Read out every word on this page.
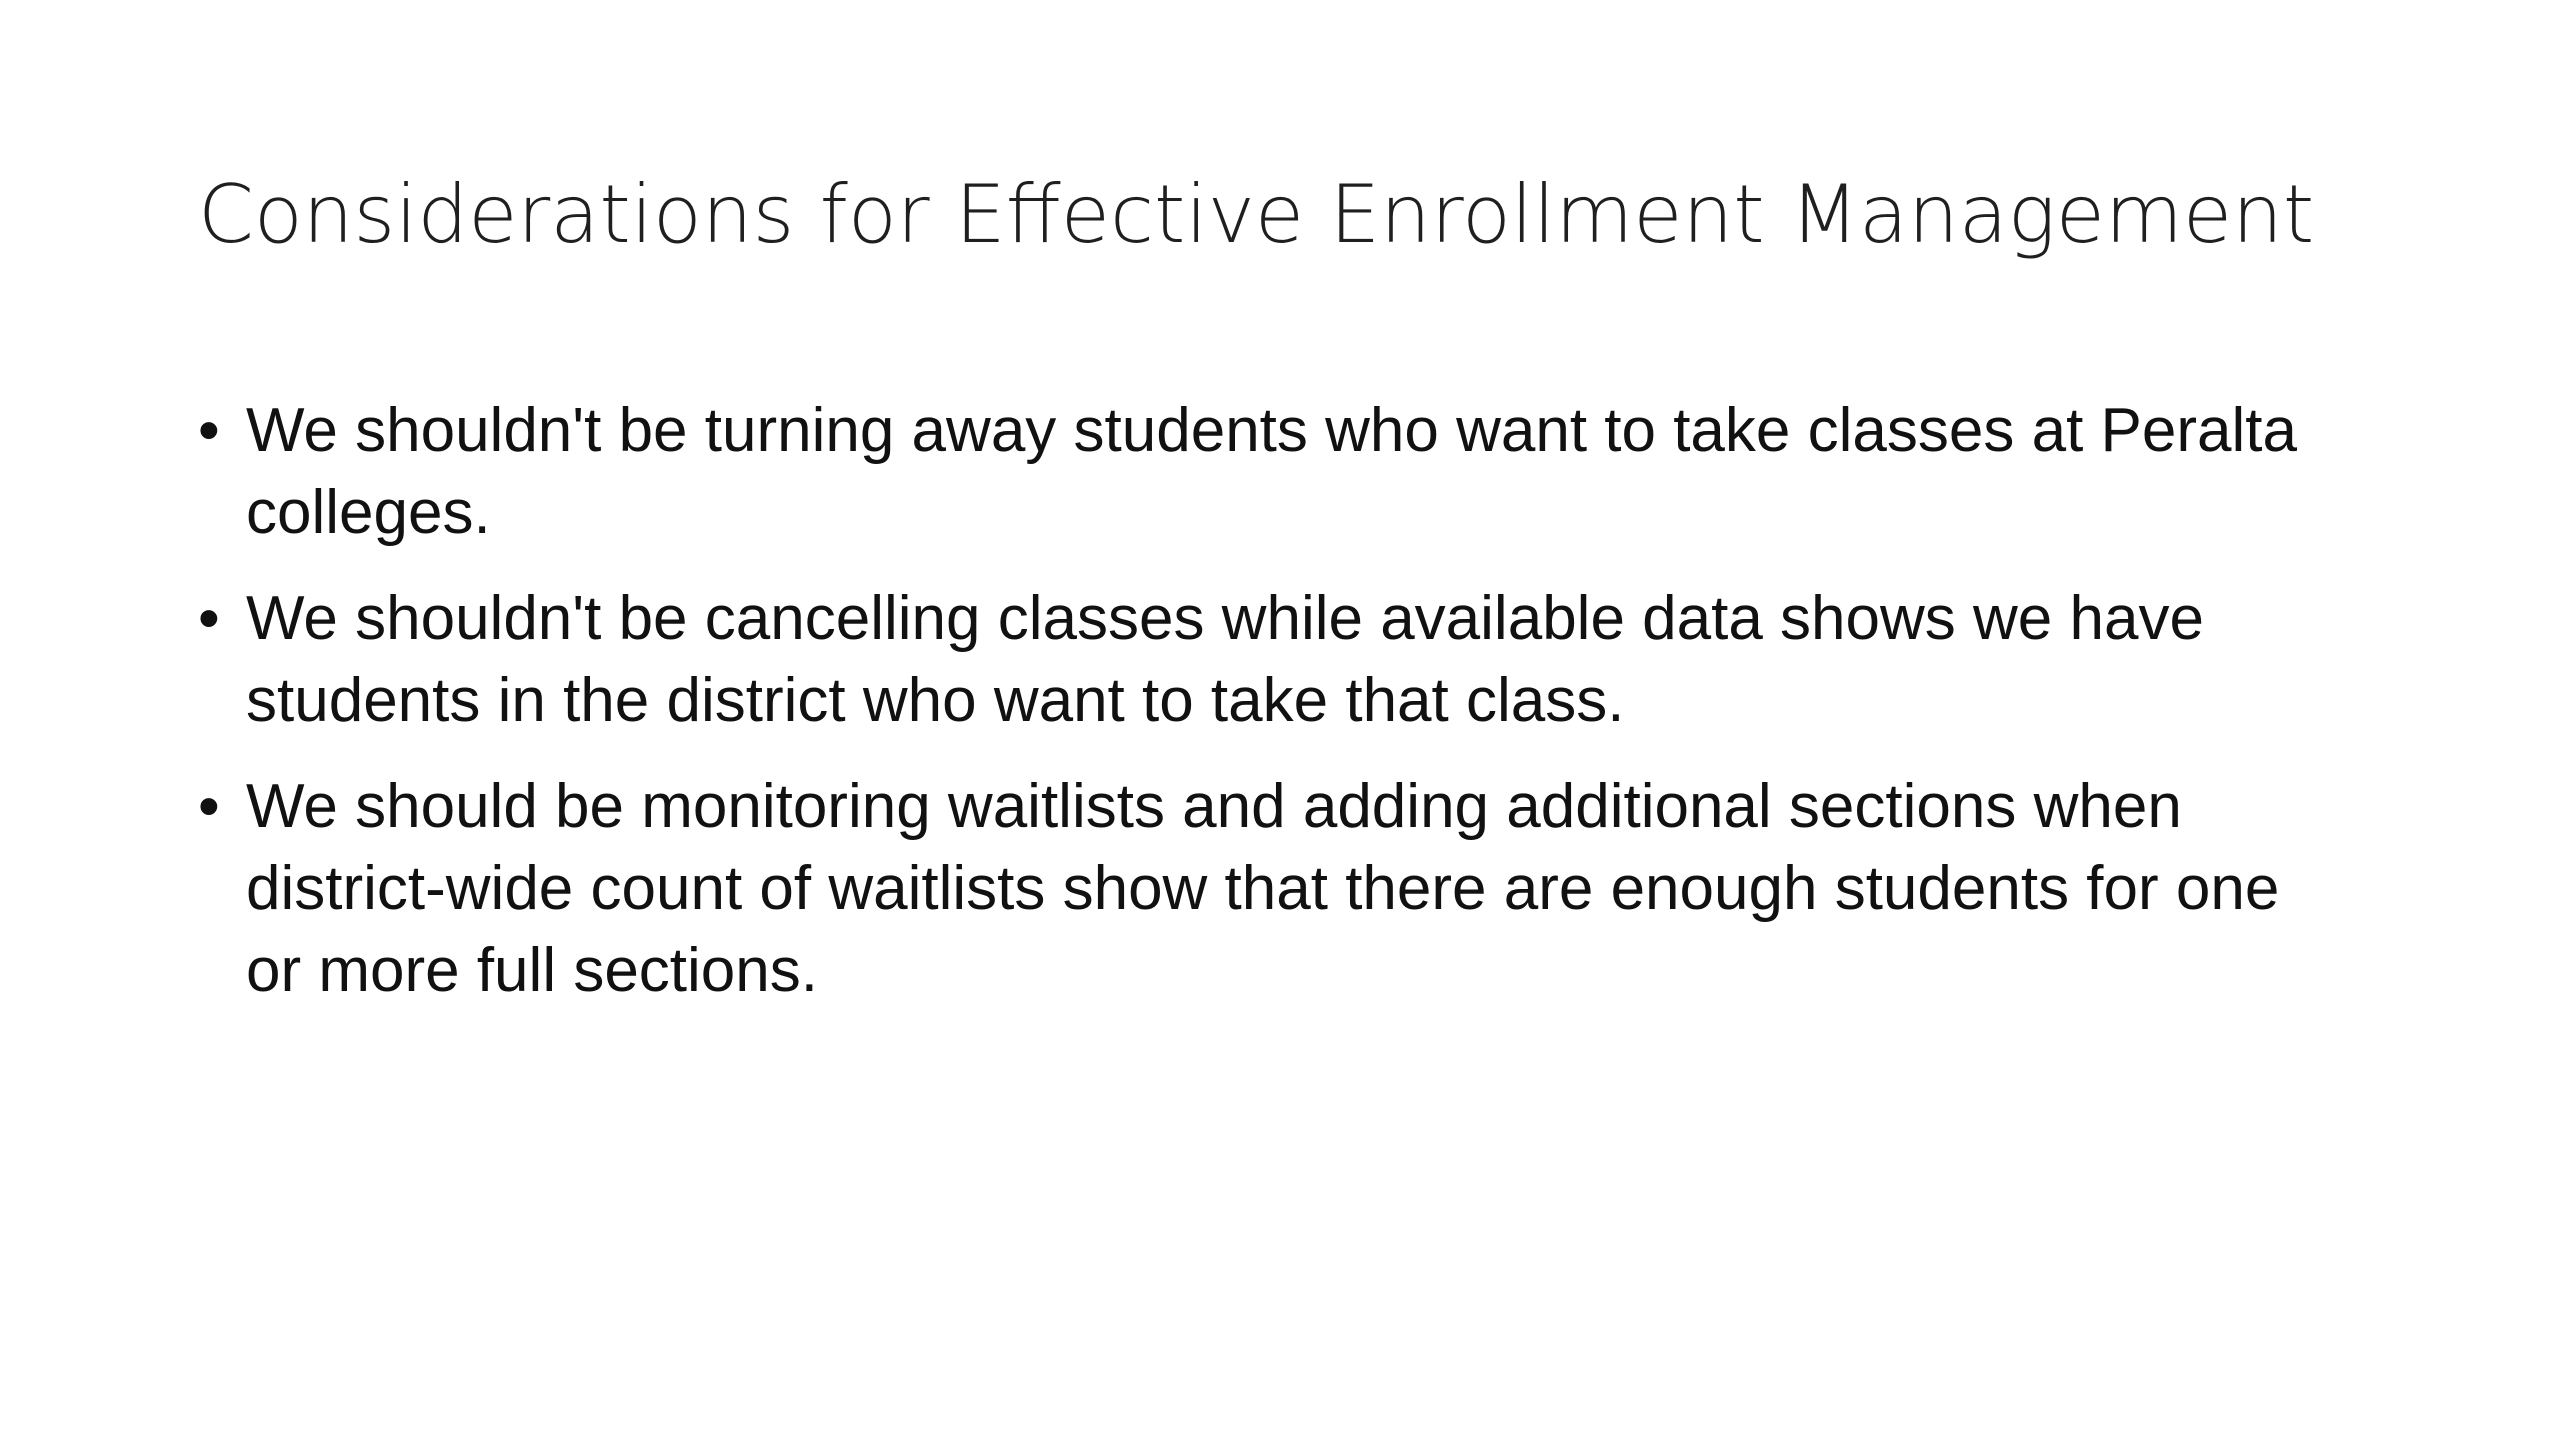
Considerations for Effective Enrollment Management
• We shouldn't be turning away students who want to take classes at Peralta colleges.
• We shouldn't be cancelling classes while available data shows we have students in the district who want to take that class.
• We should be monitoring waitlists and adding additional sections when district-wide count of waitlists show that there are enough students for one or more full sections.
